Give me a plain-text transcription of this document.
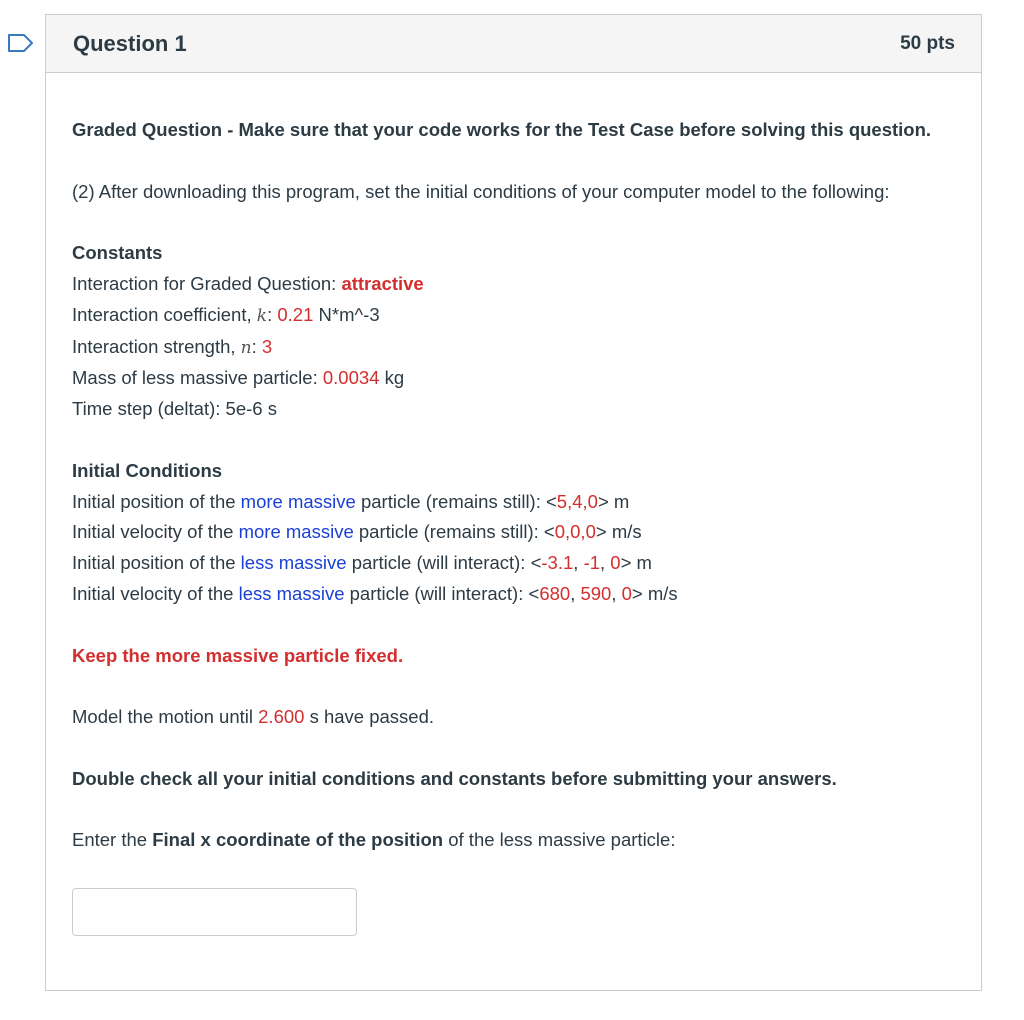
Question 1	50 pts

Graded Question - Make sure that your code works for the Test Case before solving this question.

(2) After downloading this program, set the initial conditions of your computer model to the following:

Constants

Interaction for Graded Question: attractive

Interaction coefficient, k: 0.21 N*m^-3

Interaction strength, n: 3

Mass of less massive particle: 0.0034 kg

Time step (deltat): 5e-6 s

Initial Conditions

Initial position of the more massive particle (remains still): <5,4,0> m

Initial velocity of the more massive particle (remains still): <0,0,0> m/s

Initial position of the less massive particle (will interact): <-3.1, -1, 0> m

Initial velocity of the less massive particle (will interact): <680, 590, 0> m/s

Keep the more massive particle fixed.

Model the motion until 2.600 s have passed.

Double check all your initial conditions and constants before submitting your answers.

Enter the Final x coordinate of the position of the less massive particle:
